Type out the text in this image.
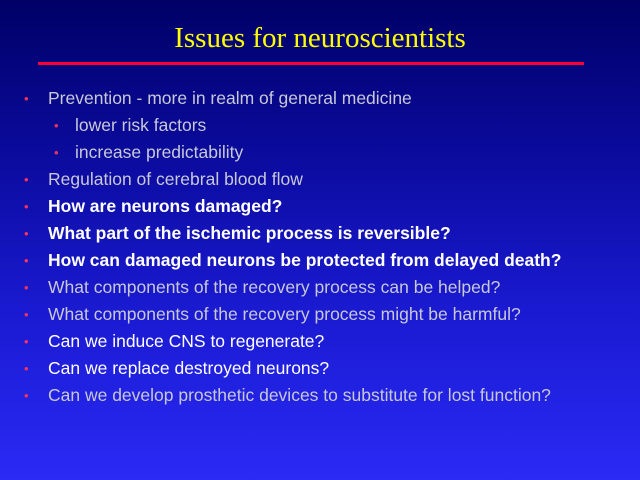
Issues for neuroscientists
• Prevention - more in realm of general medicine
• lower risk factors
• increase predictability
• Regulation of cerebral blood flow
• How are neurons damaged?
• What part of the ischemic process is reversible?
• How can damaged neurons be protected from delayed death?
• What components of the recovery process can be helped?
• What components of the recovery process might be harmful?
• Can we induce CNS to regenerate?
• Can we replace destroyed neurons?
• Can we develop prosthetic devices to substitute for lost function?
